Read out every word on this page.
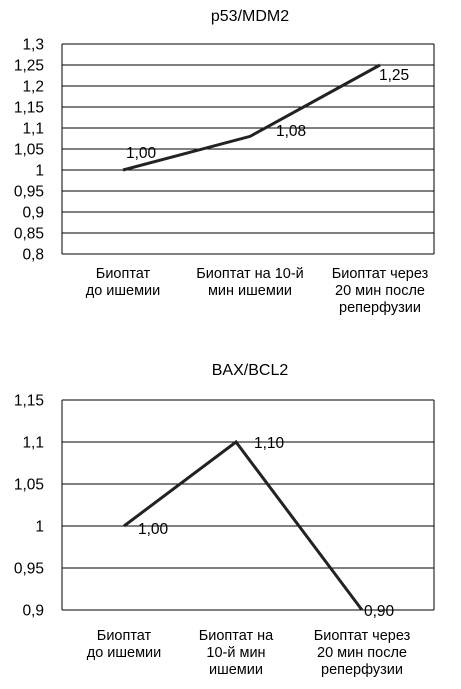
p53/MDM2
0,8
0,85
0,9
0,95
1
1,05
1,1
1,15
1,2
1,25
1,3
Биоптат до ишемии
Биоптат на 10-й мин ишемии
Биоптат через 20 мин после реперфузии
1,00
1,08
1,25
BAX/BCL2
0,9
0,95
1
1,05
1,1
1,15
Биоптат до ишемии
Биоптат на 10-й мин ишемии
Биоптат через 20 мин после реперфузии
1,00
1,10
0,90
